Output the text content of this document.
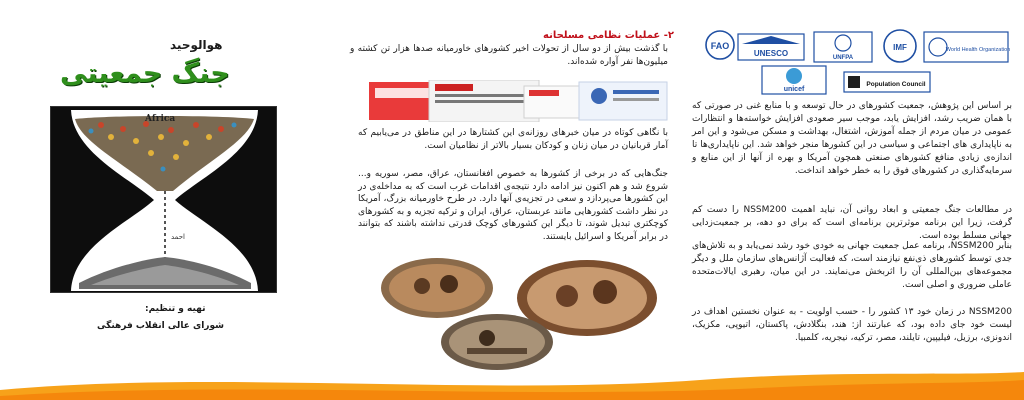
هوالوحید
جنگ جمعیتی
Africa
احمد
تهیه و تنظیم:
شورای عالی انقلاب فرهنگی
۲- عملیات نظامی مسلحانه

با گذشت بیش از دو سال از تحولات اخیر کشورهای خاورمیانه صدها هزار تن کشته و میلیون‌ها نفر آواره شده‌اند.

با نگاهی کوتاه در میان خبرهای روزانه‌ی این کشتارها در این مناطق در می‌یابیم که آمار قربانیان در میان زنان و کودکان بسیار بالاتر از نظامیان است.

جنگ‌هایی که در برخی از کشورها به خصوص افغانستان، عراق، مصر، سوریه و... شروع شد و هم اکنون نیز ادامه دارد نتیجه‌ی اقدامات غرب است که به مداخله‌ی در این کشورها می‌پردازد و سعی در تجزیه‌ی آنها دارد. در طرح خاورمیانه بزرگ، آمریکا در نظر داشت کشورهایی مانند عربستان، عراق، ایران و ترکیه تجزیه و به کشورهای کوچکتری تبدیل شوند، تا دیگر این کشورهای کوچک قدرتی نداشته باشند که بتوانند در برابر آمریکا و اسرائیل بایستند.

FAO
UNESCO	UNFPA
IMF	World Health Organization
unicef
Population Council

بر اساس این پژوهش، جمعیت کشورهای در حال توسعه و با منابع غنی در صورتی که با همان ضریب رشد، افزایش یابد، موجب سیر صعودی افزایش خواسته‌ها و انتظارات عمومی در میان مردم از جمله آموزش، اشتغال، بهداشت و مسکن می‌شود و این امر به ناپایداری های اجتماعی و سیاسی در این کشورها منجر خواهد شد. این ناپایداری‌ها تا اندازه‌ی زیادی منافع کشورهای صنعتی همچون آمریکا و بهره از آنها از این منابع و سرمایه‌گذاری در کشورهای فوق را به خطر خواهد انداخت.

در مطالعات جنگ جمعیتی و ابعاد روانی آن، نباید اهمیت NSSM200 را دست کم گرفت، زیرا این برنامه موثرترین برنامه‌ای است که برای دو دهه، بر جمعیت‌زدایی جهانی مسلط بوده است.

بنابر NSSM200، برنامه عمل جمعیت جهانی به خودی خود رشد نمی‌یابد و به تلاش‌های جدی توسط کشورهای ذی‌نفع نیازمند است، که فعالیت آژانس‌های سازمان ملل و دیگر مجموعه‌های بین‌المللی آن را اثربخش می‌نمایند. در این میان، رهبری ایالات‌متحده عاملی ضروری و اصلی است.

NSSM200 در زمان خود ۱۳ کشور را - حسب اولویت - به عنوان نخستین اهداف در لیست خود جای داده بود، که عبارتند از: هند، بنگلادش، پاکستان، اتیوپی، مکزیک، اندونزی، برزیل، فیلیپین، تایلند، مصر، ترکیه، نیجریه، کلمبیا.
